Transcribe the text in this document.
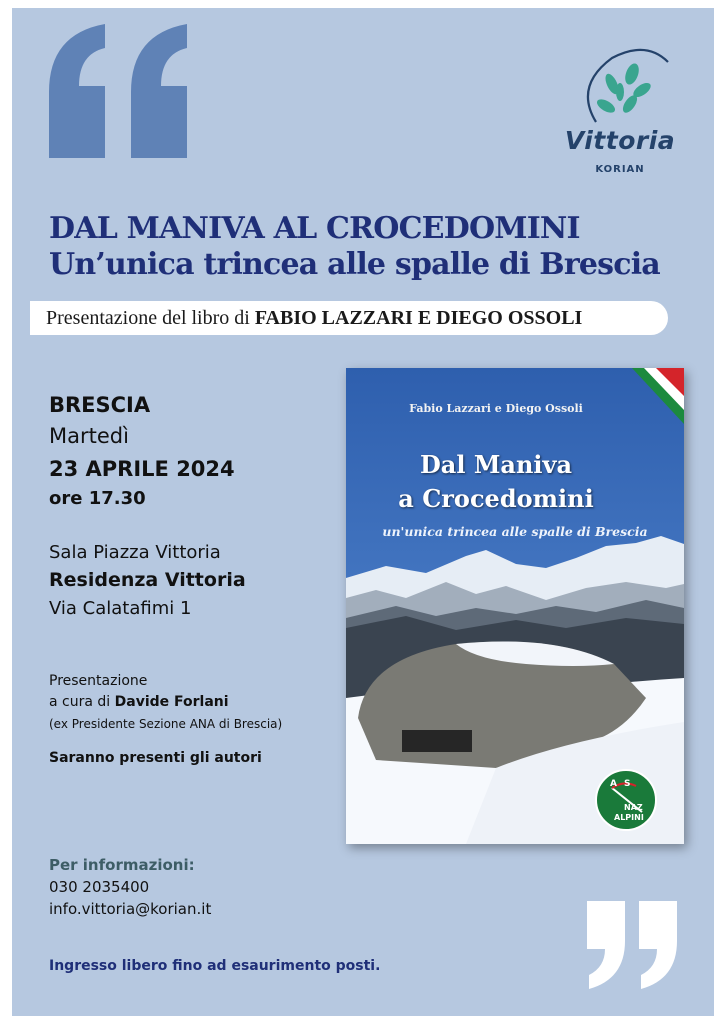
Vittoria
KORIAN
DAL MANIVA AL CROCEDOMINI
Un’unica trincea alle spalle di Brescia
Presentazione del libro di FABIO LAZZARI E DIEGO OSSOLI
BRESCIA
Martedì
23 APRILE 2024
ore 17.30
Sala Piazza Vittoria
Residenza Vittoria
Via Calatafimi 1
Presentazione
a cura di Davide Forlani
(ex Presidente Sezione ANA di Brescia)
Saranno presenti gli autori
Per informazioni:
030 2035400
info.vittoria@korian.it
Ingresso libero fino ad esaurimento posti.
A S
NAZ
ALPINI
Fabio Lazzari e Diego Ossoli
Dal Maniva
a Crocedomini
un'unica trincea alle spalle di Brescia
